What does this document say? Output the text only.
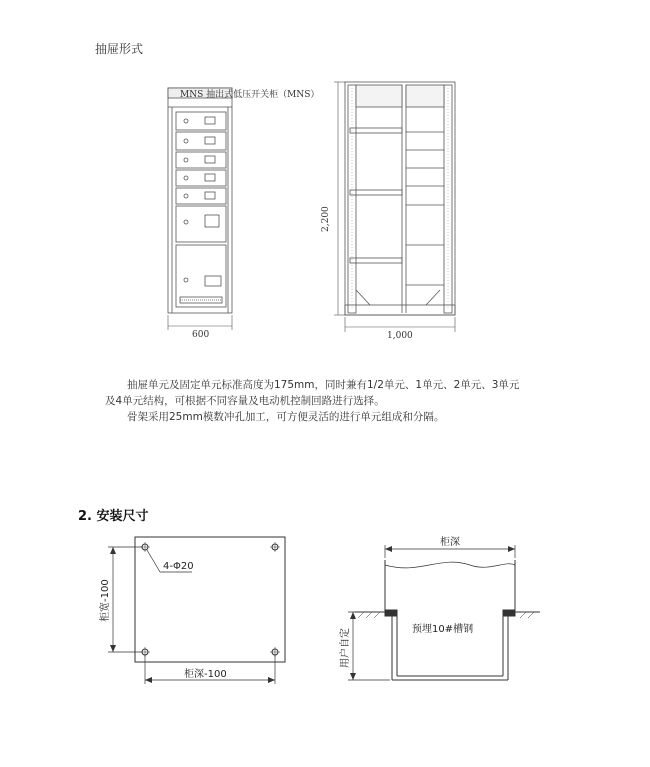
抽屉形式
MNS 抽出式低压开关柜（MNS）
600
2,200
1,000

抽屉单元及固定单元标准高度为175mm，同时兼有1/2单元、1单元、2单元、3单元

及4单元结构，可根据不同容量及电动机控制回路进行选择。

骨架采用25mm模数冲孔加工，可方便灵活的进行单元组成和分隔。

2. 安装尺寸
4-Φ20
柜宽-100
柜深-100
柜深
预埋10#槽钢
用户自定
